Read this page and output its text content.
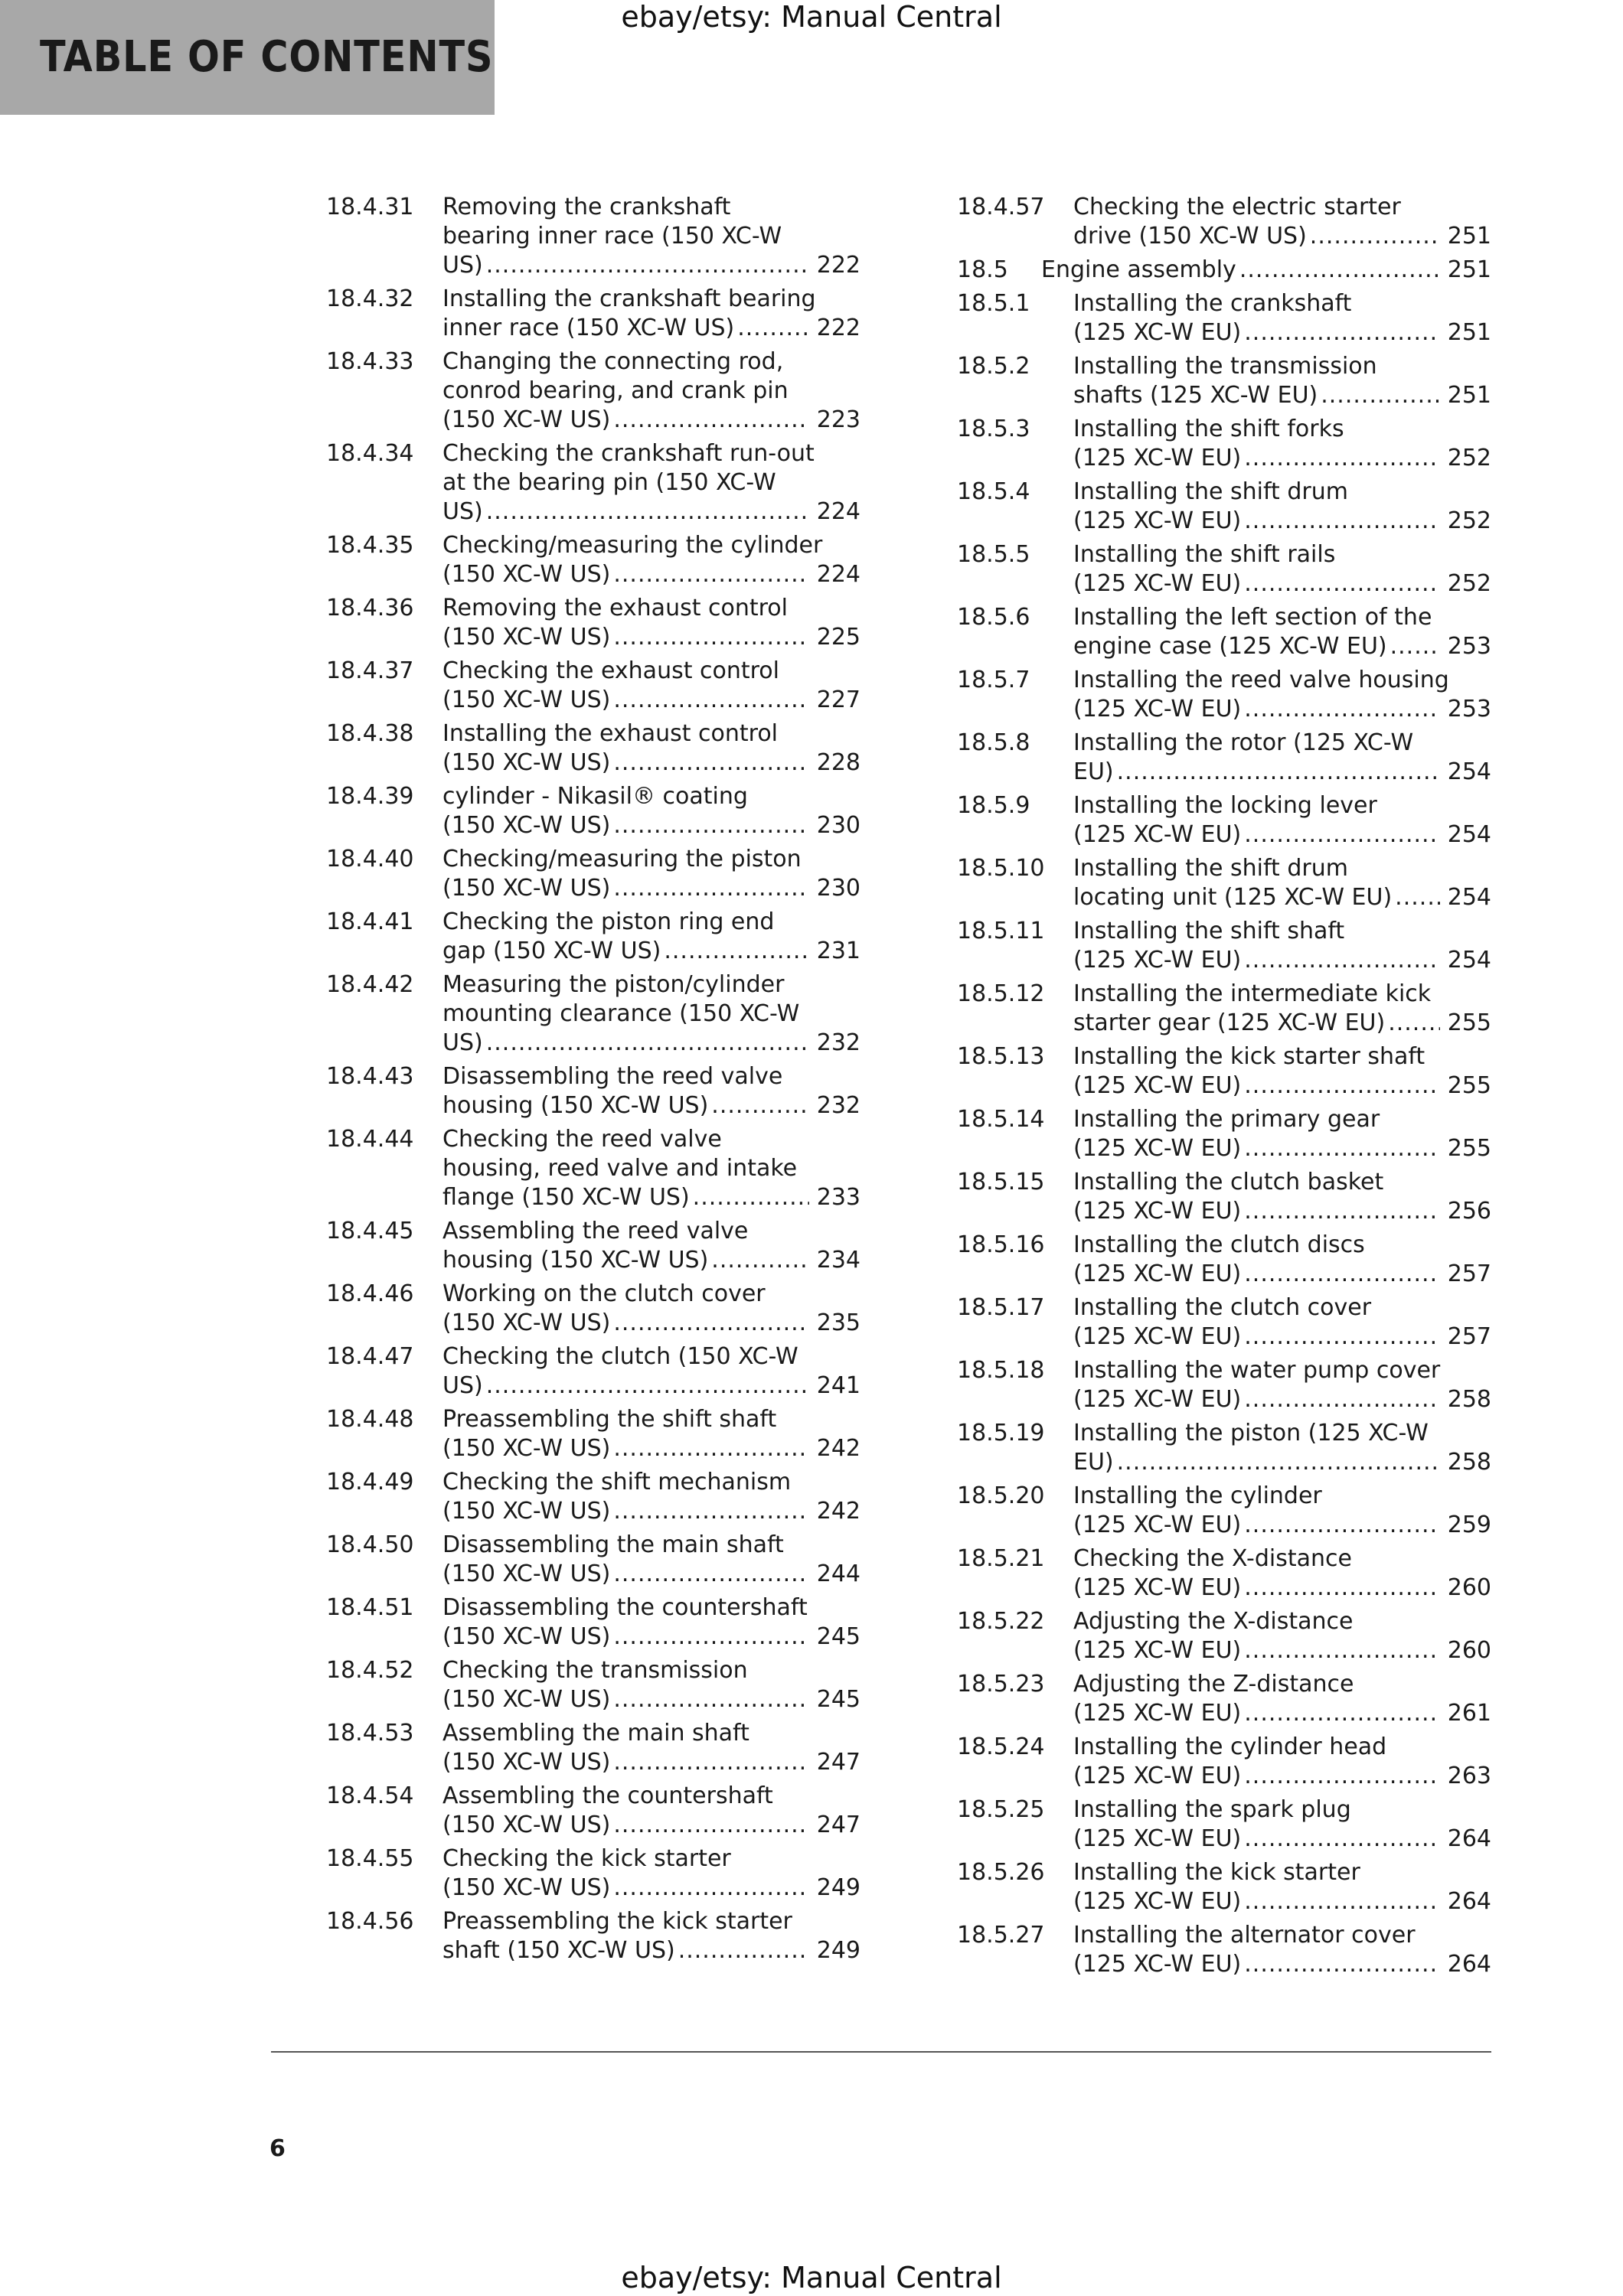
TABLE OF CONTENTS
ebay/etsy: Manual Central
18.4.31 Removing the crankshaft
bearing inner race (150 XC-W
US) .....	222
18.4.32 Installing the crankshaft bearing
inner race (150 XC-W US) .....	222
18.4.33 Changing the connecting rod,
conrod bearing, and crank pin
(150 XC-W US) .....	223
18.4.34 Checking the crankshaft run-out
at the bearing pin (150 XC-W
US) .....	224
18.4.35 Checking/measuring the cylinder
(150 XC-W US) .....	224
18.4.36 Removing the exhaust control
(150 XC-W US) .....	225
18.4.37 Checking the exhaust control
(150 XC-W US) .....	227
18.4.38 Installing the exhaust control
(150 XC-W US) .....	228
18.4.39 cylinder - Nikasil® coating
(150 XC-W US) .....	230
18.4.40 Checking/measuring the piston
(150 XC-W US) .....	230
18.4.41 Checking the piston ring end
gap (150 XC-W US) .....	231
18.4.42 Measuring the piston/cylinder
mounting clearance (150 XC-W
US) .....	232
18.4.43 Disassembling the reed valve
housing (150 XC-W US) .....	232
18.4.44 Checking the reed valve
housing, reed valve and intake
flange (150 XC-W US) .....	233
18.4.45 Assembling the reed valve
housing (150 XC-W US) .....	234
18.4.46 Working on the clutch cover
(150 XC-W US) .....	235
18.4.47 Checking the clutch (150 XC-W
US) .....	241
18.4.48 Preassembling the shift shaft
(150 XC-W US) .....	242
18.4.49 Checking the shift mechanism
(150 XC-W US) .....	242
18.4.50 Disassembling the main shaft
(150 XC-W US) .....	244
18.4.51 Disassembling the countershaft
(150 XC-W US) .....	245
18.4.52 Checking the transmission
(150 XC-W US) .....	245
18.4.53 Assembling the main shaft
(150 XC-W US) .....	247
18.4.54 Assembling the countershaft
(150 XC-W US) .....	247
18.4.55 Checking the kick starter
(150 XC-W US) .....	249
18.4.56 Preassembling the kick starter
shaft (150 XC-W US) .....	249
18.4.57 Checking the electric starter
drive (150 XC-W US) .....	251
18.5 Engine assembly .....	251
18.5.1 Installing the crankshaft
(125 XC-W EU) .....	251
18.5.2 Installing the transmission
shafts (125 XC-W EU) .....	251
18.5.3 Installing the shift forks
(125 XC-W EU) .....	252
18.5.4 Installing the shift drum
(125 XC-W EU) .....	252
18.5.5 Installing the shift rails
(125 XC-W EU) .....	252
18.5.6 Installing the left section of the
engine case (125 XC-W EU) .....	253
18.5.7 Installing the reed valve housing
(125 XC-W EU) .....	253
18.5.8 Installing the rotor (125 XC-W
EU) .....	254
18.5.9 Installing the locking lever
(125 XC-W EU) .....	254
18.5.10 Installing the shift drum
locating unit (125 XC-W EU) ..... 254
18.5.11 Installing the shift shaft
(125 XC-W EU) .....	254
18.5.12 Installing the intermediate kick
starter gear (125 XC-W EU) .....	255
18.5.13 Installing the kick starter shaft
(125 XC-W EU) .....	255
18.5.14 Installing the primary gear
(125 XC-W EU) .....	255
18.5.15 Installing the clutch basket
(125 XC-W EU) .....	256
18.5.16 Installing the clutch discs
(125 XC-W EU) .....	257
18.5.17 Installing the clutch cover
(125 XC-W EU) .....	257
18.5.18 Installing the water pump cover
(125 XC-W EU) .....	258
18.5.19 Installing the piston (125 XC-W
EU) .....	258
18.5.20 Installing the cylinder
(125 XC-W EU) .....	259
18.5.21 Checking the X-distance
(125 XC-W EU) .....	260
18.5.22 Adjusting the X-distance
(125 XC-W EU) .....	260
18.5.23 Adjusting the Z-distance
(125 XC-W EU) .....	261
18.5.24 Installing the cylinder head
(125 XC-W EU) .....	263
18.5.25 Installing the spark plug
(125 XC-W EU) .....	264
18.5.26 Installing the kick starter
(125 XC-W EU) .....	264
18.5.27 Installing the alternator cover
(125 XC-W EU) .....	264
6
ebay/etsy: Manual Central
